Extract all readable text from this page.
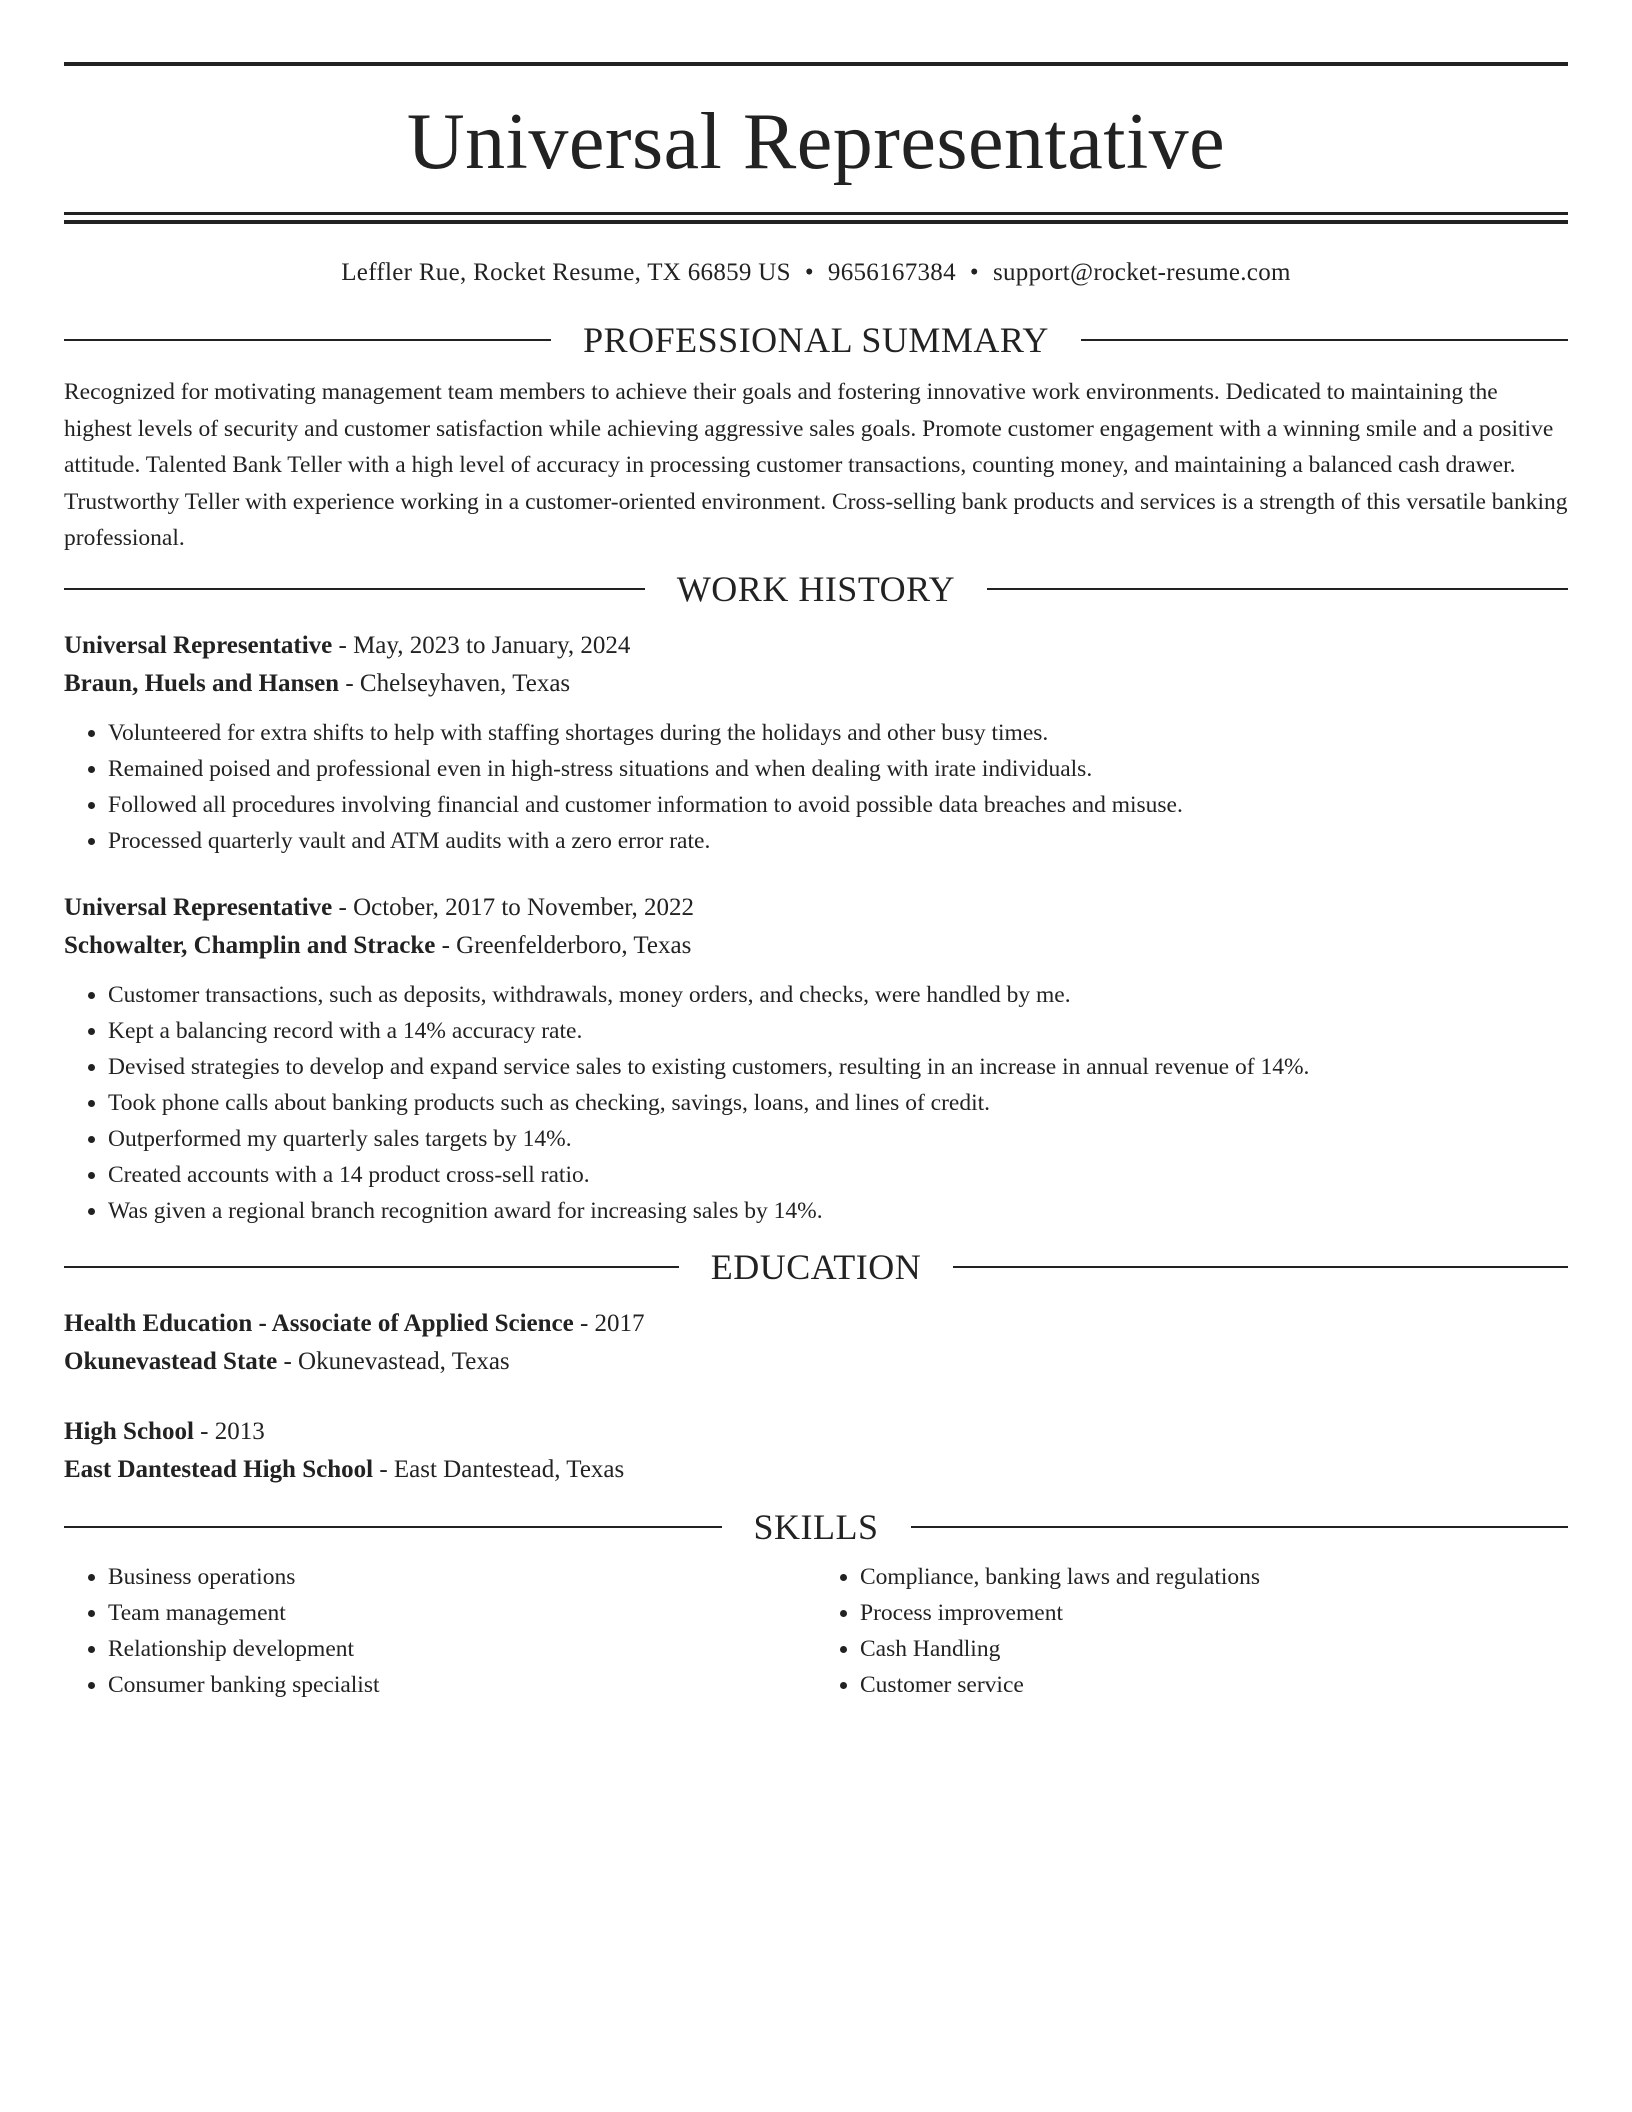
Universal Representative
Leffler Rue, Rocket Resume, TX 66859 US • 9656167384 • support@rocket-resume.com
PROFESSIONAL SUMMARY

Recognized for motivating management team members to achieve their goals and fostering innovative work environments. Dedicated to maintaining the highest levels of security and customer satisfaction while achieving aggressive sales goals. Promote customer engagement with a winning smile and a positive attitude. Talented Bank Teller with a high level of accuracy in processing customer transactions, counting money, and maintaining a balanced cash drawer. Trustworthy Teller with experience working in a customer-oriented environment. Cross-selling bank products and services is a strength of this versatile banking professional.

WORK HISTORY
Universal Representative - May, 2023 to January, 2024
Braun, Huels and Hansen - Chelseyhaven, Texas
• Volunteered for extra shifts to help with staffing shortages during the holidays and other busy times.
• Remained poised and professional even in high-stress situations and when dealing with irate individuals.
• Followed all procedures involving financial and customer information to avoid possible data breaches and misuse.
• Processed quarterly vault and ATM audits with a zero error rate.
Universal Representative - October, 2017 to November, 2022
Schowalter, Champlin and Stracke - Greenfelderboro, Texas
• Customer transactions, such as deposits, withdrawals, money orders, and checks, were handled by me.
• Kept a balancing record with a 14% accuracy rate.
• Devised strategies to develop and expand service sales to existing customers, resulting in an increase in annual revenue of 14%.
• Took phone calls about banking products such as checking, savings, loans, and lines of credit.
• Outperformed my quarterly sales targets by 14%.
• Created accounts with a 14 product cross-sell ratio.
• Was given a regional branch recognition award for increasing sales by 14%.
EDUCATION
Health Education - Associate of Applied Science - 2017
Okunevastead State - Okunevastead, Texas
High School - 2013
East Dantestead High School - East Dantestead, Texas
SKILLS
• Business operations
• Team management
• Relationship development
• Consumer banking specialist
• Compliance, banking laws and regulations
• Process improvement
• Cash Handling
• Customer service
